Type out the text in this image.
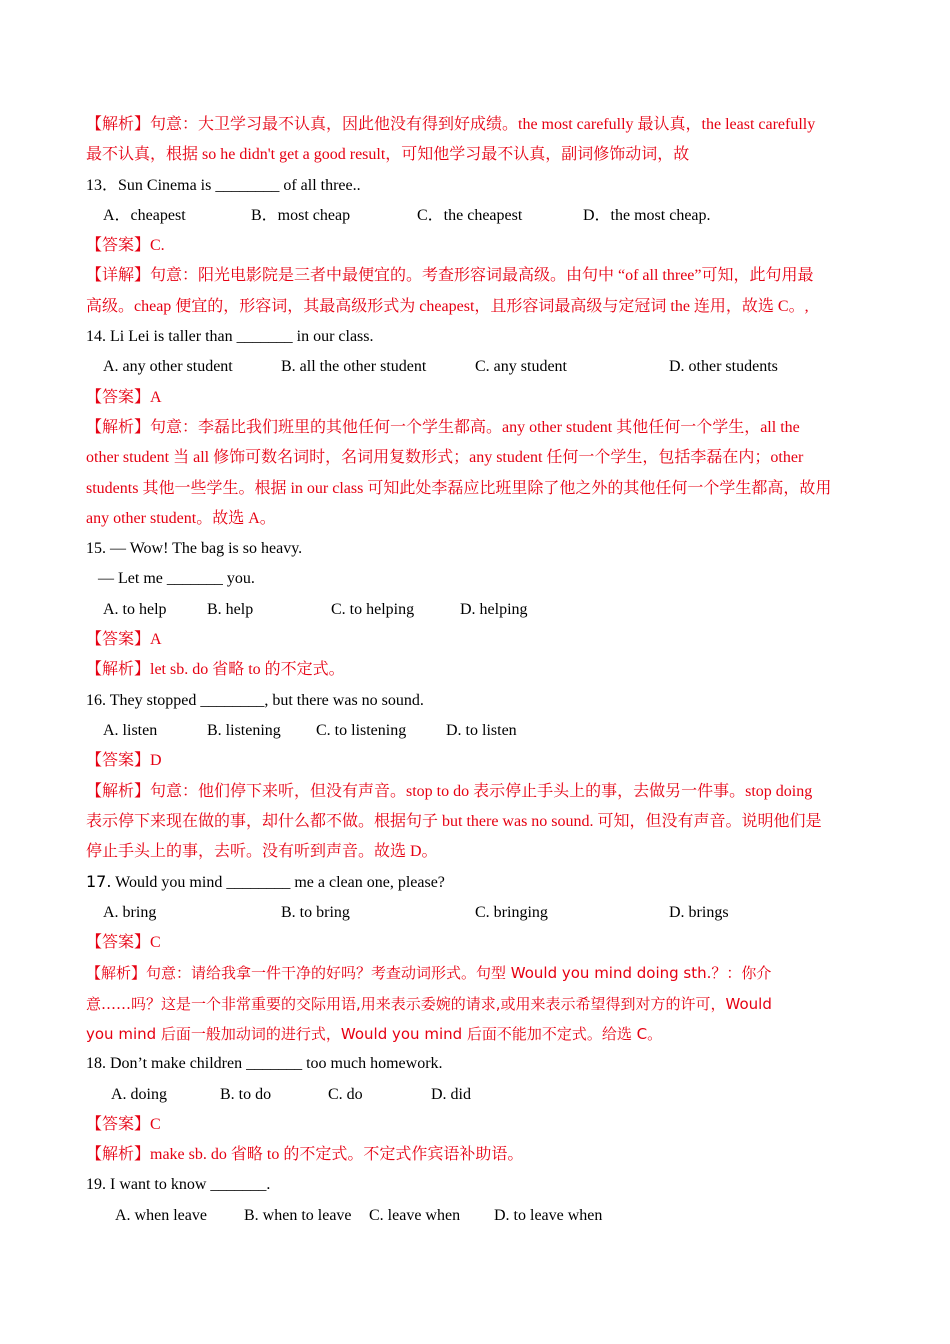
【解析】句意：大卫学习最不认真，因此他没有得到好成绩。the most carefully 最认真，the least carefully
最不认真，根据 so he didn't get a good result，可知他学习最不认真，副词修饰动词，故
13．Sun Cinema is ________ of all three..
A．cheapest	B．most cheap	C．the cheapest	D．the most cheap.
【答案】C.
【详解】句意：阳光电影院是三者中最便宜的。考查形容词最高级。由句中 “of all three”可知，此句用最
高级。cheap 便宜的，形容词，其最高级形式为 cheapest，且形容词最高级与定冠词 the 连用，故选 C。,
14. Li Lei is taller than _______ in our class.
A. any other student	B. all the other student	C. any student	D. other students
【答案】A
【解析】句意：李磊比我们班里的其他任何一个学生都高。any other student 其他任何一个学生，all the
other student 当 all 修饰可数名词时，名词用复数形式；any student 任何一个学生，包括李磊在内；other
students 其他一些学生。根据 in our class 可知此处李磊应比班里除了他之外的其他任何一个学生都高，故用
any other student。故选 A。
15. — Wow! The bag is so heavy.
— Let me _______ you.
A. to help	B. help	C. to helping	D. helping
【答案】A
【解析】let sb. do 省略 to 的不定式。
16. They stopped ________, but there was no sound.
A. listen	B. listening C. to listening D. to listen
【答案】D
【解析】句意：他们停下来听，但没有声音。stop to do 表示停止手头上的事，去做另一件事。stop doing
表示停下来现在做的事，却什么都不做。根据句子 but there was no sound. 可知，但没有声音。说明他们是
停止手头上的事，去听。没有听到声音。故选 D。
17. Would you mind ________ me a clean one, please?
A. bring	B. to bring	C. bringing	D. brings
【答案】C
【解析】句意：请给我拿一件干净的好吗？考查动词形式。句型 Would you mind doing sth.？：你介
意……吗？这是一个非常重要的交际用语,用来表示委婉的请求,或用来表示希望得到对方的许可，Would
you mind 后面一般加动词的进行式，Would you mind 后面不能加不定式。给选 C。
18. Don’t make children _______ too much homework.
A. doing	B. to do	C. do	D. did
【答案】C
【解析】make sb. do 省略 to 的不定式。不定式作宾语补助语。
19. I want to know _______.
A. when leave B. when to leave C. leave when D. to leave when
